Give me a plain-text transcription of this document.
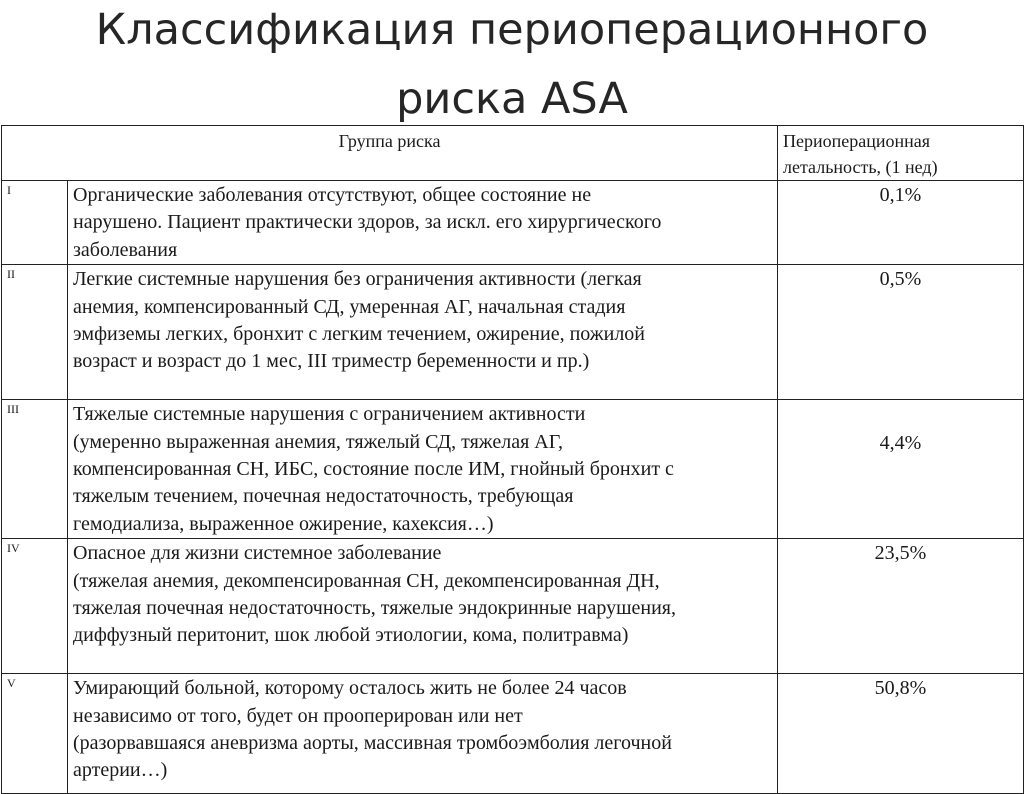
Классификация периоперационного
риска ASA
Группа риска		Периоперационная летальность, (1 нед)
I	Органические заболевания отсутствуют, общее состояние не
нарушено. Пациент практически здоров, за искл. его хирургического
заболевания	0,1%
II	Легкие системные нарушения без ограничения активности (легкая
анемия, компенсированный СД, умеренная АГ, начальная стадия
эмфиземы легких, бронхит с легким течением, ожирение, пожилой
возраст и возраст до 1 мес, III триместр беременности и пр.)	0,5%
III	Тяжелые системные нарушения с ограничением активности
(умеренно выраженная анемия, тяжелый СД, тяжелая АГ,
компенсированная СН, ИБС, состояние после ИМ, гнойный бронхит с
тяжелым течением, почечная недостаточность, требующая
гемодиализа, выраженное ожирение, кахексия…)	4,4%
IV	Опасное для жизни системное заболевание
(тяжелая анемия, декомпенсированная СН, декомпенсированная ДН,
тяжелая почечная недостаточность, тяжелые эндокринные нарушения,
диффузный перитонит, шок любой этиологии, кома, политравма)	23,5%
V	Умирающий больной, которому осталось жить не более 24 часов
независимо от того, будет он прооперирован или нет
(разорвавшаяся аневризма аорты, массивная тромбоэмболия легочной
артерии…)	50,8%
